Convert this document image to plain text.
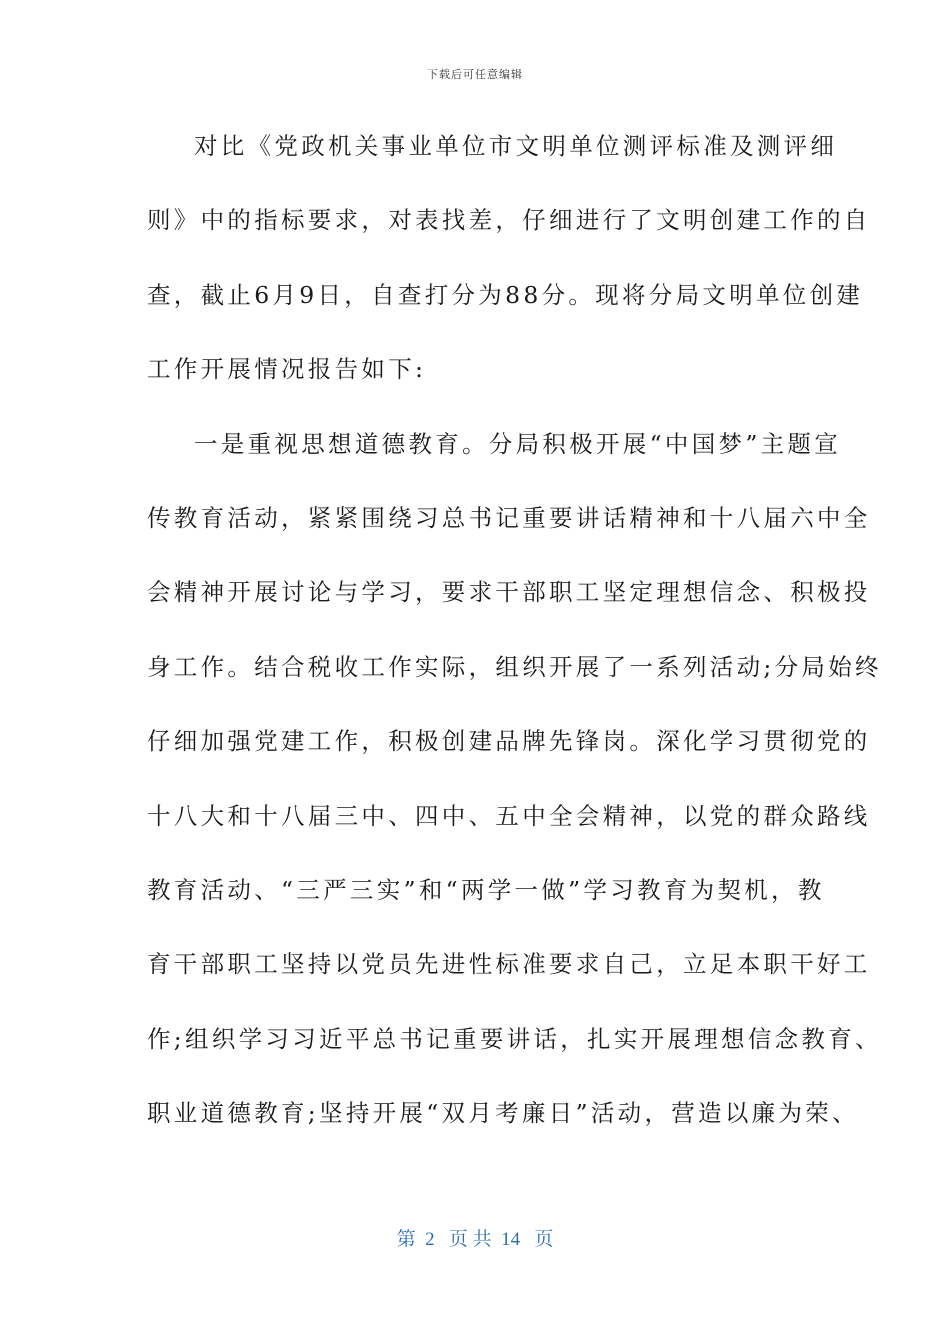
下载后可任意编辑
对比《党政机关事业单位市文明单位测评标准及测评细
则》中的指标要求，对表找差，仔细进行了文明创建工作的自
查，截止6月9日，自查打分为88分。现将分局文明单位创建
工作开展情况报告如下:
一是重视思想道德教育。分局积极开展“中国梦”主题宣
传教育活动，紧紧围绕习总书记重要讲话精神和十八届六中全
会精神开展讨论与学习，要求干部职工坚定理想信念、积极投
身工作。结合税收工作实际，组织开展了一系列活动;分局始终
仔细加强党建工作，积极创建品牌先锋岗。深化学习贯彻党的
十八大和十八届三中、四中、五中全会精神，以党的群众路线
教育活动、“三严三实”和“两学一做”学习教育为契机，教
育干部职工坚持以党员先进性标准要求自己，立足本职干好工
作;组织学习习近平总书记重要讲话，扎实开展理想信念教育、
职业道德教育;坚持开展“双月考廉日”活动，营造以廉为荣、
第  2   页 共  14   页
